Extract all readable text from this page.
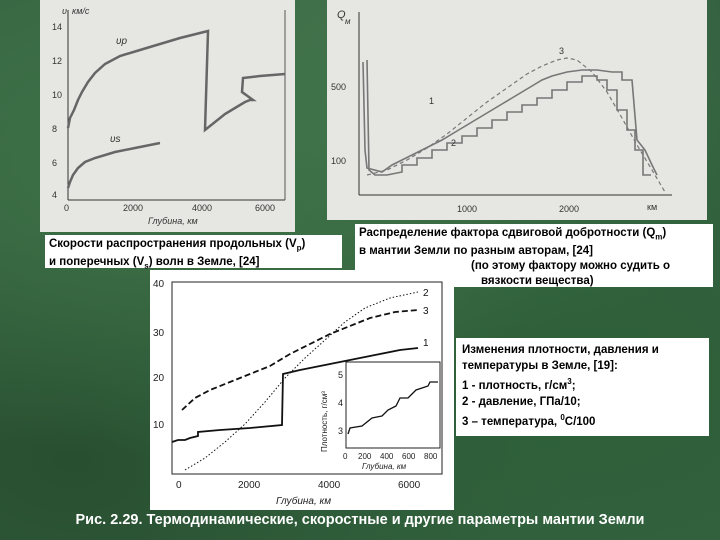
υ, км/с
14
12
10
8
6
4
0	2000	4000	6000
Глубина, км
υp
υs
Скорости распространения продольных $(V_p)$
и поперечных $(V_s)$ волн в Земле, [24]
Q
м
500
100
1000	2000	км
1
2
3
Распределение фактора сдвиговой добротности $(Q_m)$
в мантии Земли по разным авторам, [24]
(по этому фактору можно судить о
вязкости вещества)
40
30
20
10
0	2000	4000	6000
Глубина, км
1
2
3
Плотность, г/см³
5
4
3
0 200 400 600 800
Глубина, км
Изменения плотности, давления и
температуры в Земле, [19]:
1 - плотность, $г/см^3$;
2 - давление, ГПа/10;
3 – температура, $^0$С/100
Рис. 2.29. Термодинамические, скоростные и другие параметры мантии Земли
